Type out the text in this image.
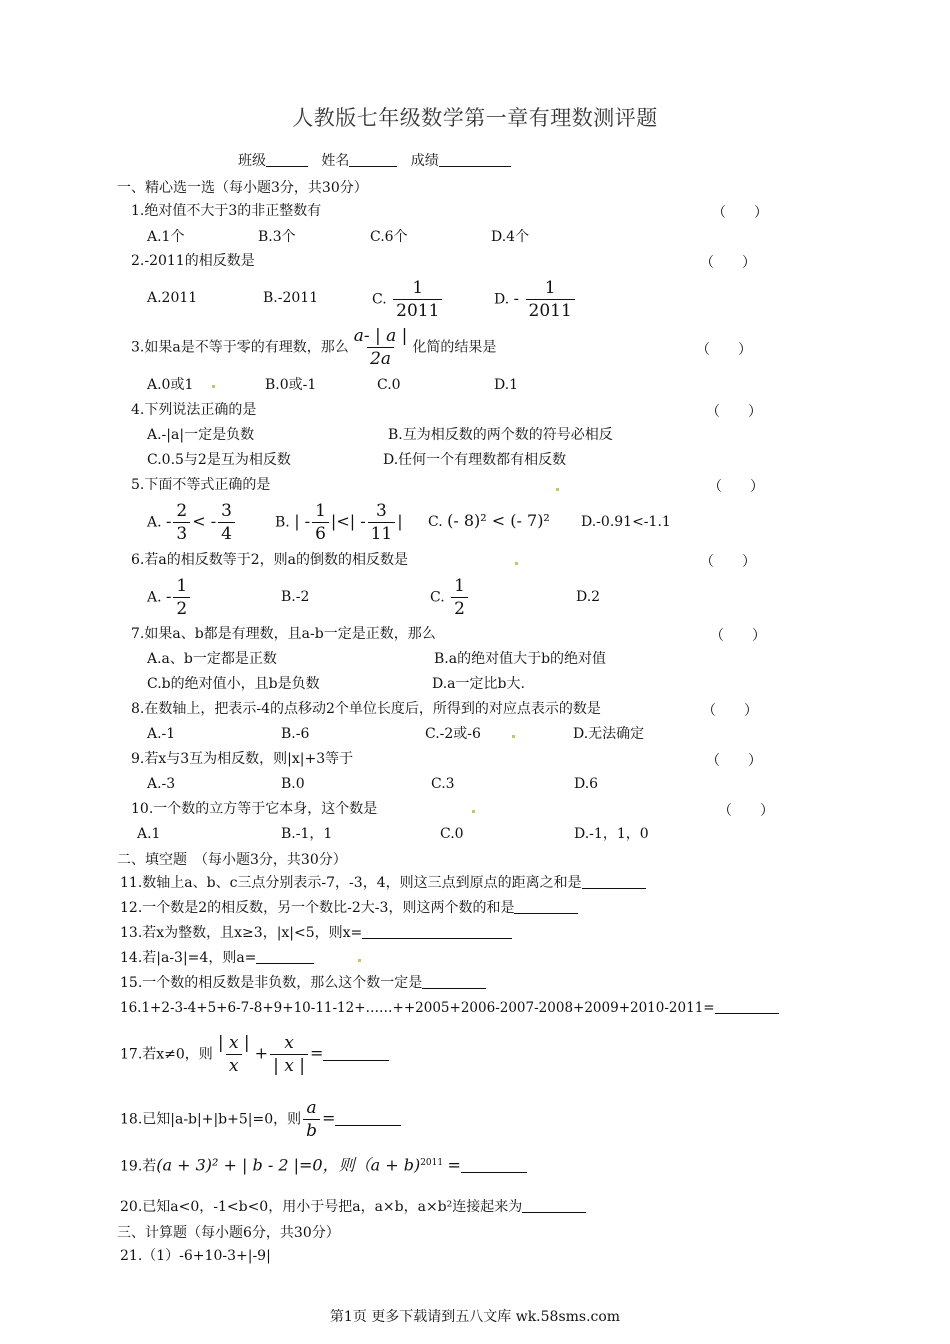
人教版七年级数学第一章有理数测评题
班级	姓名	成绩
一、精心选一选（每小题3分，共30分）
1.绝对值不大于3的非正整数有	（　　）
A.1个	B.3个	C.6个	D.4个
2.-2011的相反数是	（　　）
A.2011	B.-2011	C. $\frac{1}{2011}$	D. - $\frac{1}{2011}$
3.如果a是不等于零的有理数，那么 $\frac{a- | a |}{2a}$ 化简的结果是	（　　）
A.0或1	B.0或-1	C.0	D.1
4.下列说法正确的是	（　　）
A.-|a|一定是负数	B.互为相反数的两个数的符号必相反
C.0.5与2是互为相反数	D.任何一个有理数都有相反数
5.下面不等式正确的是	（　　）
A. - $\frac{2}{3}$ < - $\frac{3}{4}$	B. | - $\frac{1}{6}$ |<| - $\frac{3}{11}$ | C. (- 8)² < (- 7)² D.-0.91<-1.1
6.若a的相反数等于2，则a的倒数的相反数是	（　　）
A. - $\frac{1}{2}$	B.-2	C. $\frac{1}{2}$	D.2
7.如果a、b都是有理数，且a-b一定是正数，那么	（　　）
A.a、b一定都是正数	B.a的绝对值大于b的绝对值
C.b的绝对值小，且b是负数	D.a一定比b大.
8.在数轴上，把表示-4的点移动2个单位长度后，所得到的对应点表示的数是	（　　）
A.-1	B.-6	C.-2或-6	D.无法确定
9.若x与3互为相反数，则|x|+3等于	（　　）
A.-3	B.0	C.3	D.6
10.一个数的立方等于它本身，这个数是	（　　）
A.1	B.-1，1	C.0	D.-1，1，0
二、填空题　（每小题3分，共30分）
11.数轴上a、b、c三点分别表示-7，-3，4，则这三点到原点的距离之和是
12.一个数是2的相反数，另一个数比-2大-3，则这两个数的和是
13.若x为整数，且x≥3，|x|<5，则x=
14.若|a-3|=4，则a=
15.一个数的相反数是非负数，那么这个数一定是
16.1+2-3-4+5+6-7-8+9+10-11-12+……++2005+2006-2007-2008+2009+2010-2011=
17.若x≠0，则 $\frac{| x |}{x} + \frac{x}{| x |}$ =
18.已知|a-b|+|b+5|=0，则 $\frac{a}{b}$ =
19.若(a + 3)² + | b - 2 |=0，则（a + b)$^{2011}$ =
20.已知a<0，-1<b<0，用小于号把a，a×b，a×b²连接起来为
三、计算题（每小题6分，共30分）
21.（1）-6+10-3+|-9|
第1页 更多下载请到五八文库 wk.58sms.com
